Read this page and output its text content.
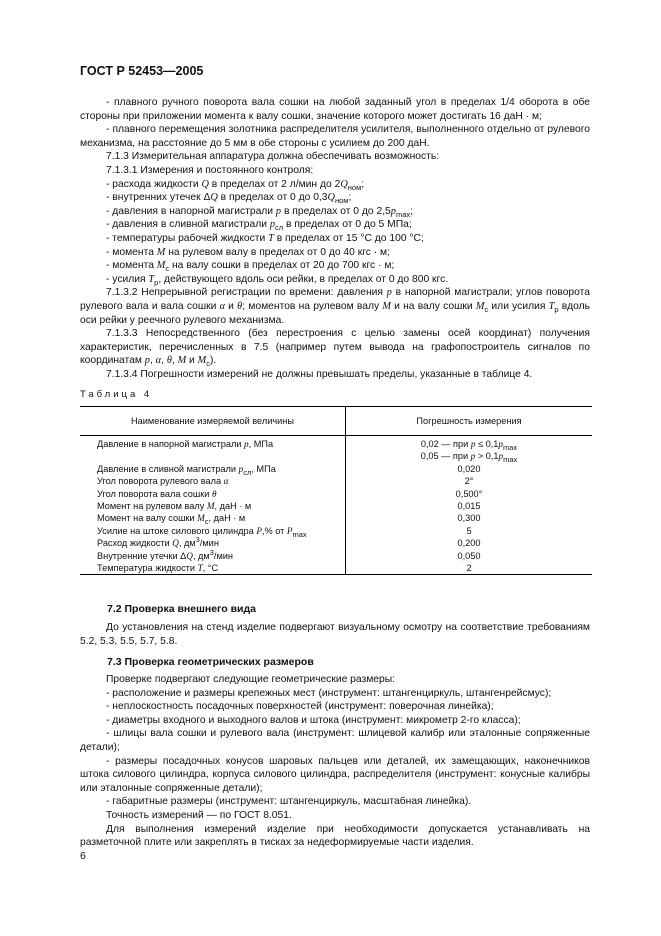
ГОСТ Р 52453—2005

- плавного ручного поворота вала сошки на любой заданный угол в пределах 1/4 оборота в обе стороны при приложении момента к валу сошки, значение которого может достигать 16 даН · м;

- плавного перемещения золотника распределителя усилителя, выполненного отдельно от рулевого механизма, на расстояние до 5 мм в обе стороны с усилием до 200 даН.

7.1.3 Измерительная аппаратура должна обеспечивать возможность:

7.1.3.1 Измерения и постоянного контроля:

- расхода жидкости Q в пределах от 2 л/мин до $2Q_{ном}$;

- внутренних утечек ΔQ в пределах от 0 до $0,3Q_{ном}$;

- давления в напорной магистрали p в пределах от 0 до $2,5p_{max}$;

- давления в сливной магистрали $p_{сл}$ в пределах от 0 до 5 МПа;

- температуры рабочей жидкости T в пределах от 15 °С до 100 °С;

- момента M на рулевом валу в пределах от 0 до 40 кгс · м;

- момента $M_с$ на валу сошки в пределах от 20 до 700 кгс · м;

- усилия $T_р$, действующего вдоль оси рейки, в пределах от 0 до 800 кгс.

7.1.3.2 Непрерывной регистрации по времени: давления p в напорной магистрали; углов поворота рулевого вала и вала сошки α и θ; моментов на рулевом валу M и на валу сошки $M_с$ или усилия $T_р$ вдоль оси рейки у реечного рулевого механизма.

7.1.3.3 Непосредственного (без перестроения с целью замены осей координат) получения характеристик, перечисленных в 7.5 (например путем вывода на графопостроитель сигналов по координатам p, α, θ, M и $M_с$).

7.1.3.4 Погрешности измерений не должны превышать пределы, указанные в таблице 4.

Таблица 4
Наименование измеряемой величины	Погрешность измерения
Давление в напорной магистрали p, МПа	0,02 — при $p \le 0,1p_{max}$
0,05 — при $p > 0,1p_{max}$

Давление в сливной магистрали $p_{сл}$, МПа	0,020
Угол поворота рулевого вала α	2°
Угол поворота вала сошки θ	0,500°
Момент на рулевом валу M, даН · м	0,015
Момент на валу сошки $M_с$, даН · м	0,300
Усилие на штоке силового цилиндра P,% от $P_{max}$	5
Расход жидкости Q, $дм^3$/мин	0,200
Внутренние утечки ΔQ, $дм^3$/мин	0,050
Температура жидкости T, °С	2
7.2 Проверка внешнего вида

До установления на стенд изделие подвергают визуальному осмотру на соответствие требованиям 5.2, 5.3, 5.5, 5.7, 5.8.

7.3 Проверка геометрических размеров

Проверке подвергают следующие геометрические размеры:

- расположение и размеры крепежных мест (инструмент: штангенциркуль, штангенрейсмус);

- неплоскостность посадочных поверхностей (инструмент: поверочная линейка);

- диаметры входного и выходного валов и штока (инструмент: микрометр 2-го класса);

- шлицы вала сошки и рулевого вала (инструмент: шлицевой калибр или эталонные сопряженные детали);

- размеры посадочных конусов шаровых пальцев или деталей, их замещающих, наконечников штока силового цилиндра, корпуса силового цилиндра, распределителя (инструмент: конусные калибры или эталонные сопряженные детали);

- габаритные размеры (инструмент: штангенциркуль, масштабная линейка).

Точность измерений — по ГОСТ 8.051.

Для выполнения измерений изделие при необходимости допускается устанавливать на разметочной плите или закреплять в тисках за недеформируемые части изделия.

6
